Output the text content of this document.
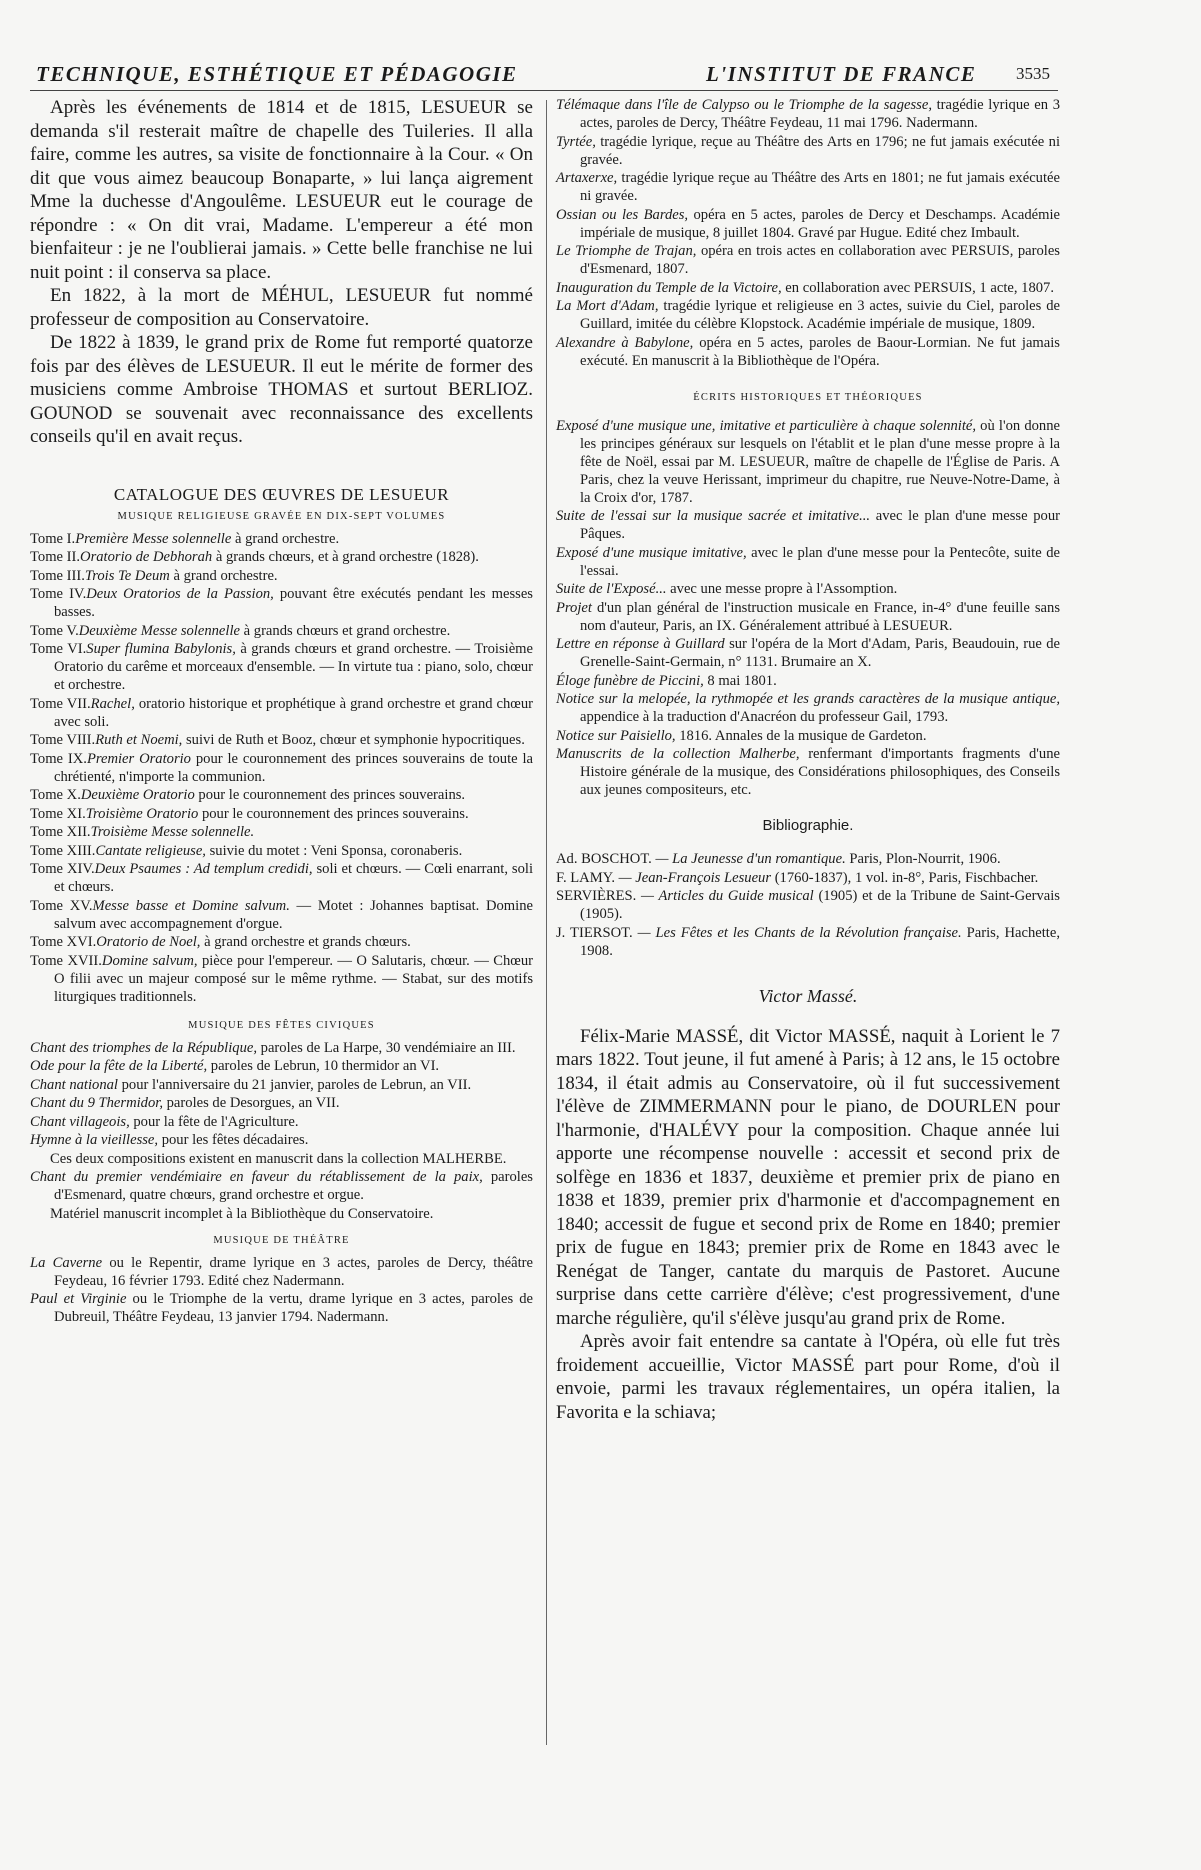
TECHNIQUE, ESTHÉTIQUE ET PÉDAGOGIE	L'INSTITUT DE FRANCE 3535

Après les événements de 1814 et de 1815, LESUEUR se demanda s'il resterait maître de chapelle des Tuileries. Il alla faire, comme les autres, sa visite de fonctionnaire à la Cour. « On dit que vous aimez beaucoup Bonaparte, » lui lança aigrement Mme la duchesse d'Angoulême. LESUEUR eut le courage de répondre : « On dit vrai, Madame. L'empereur a été mon bienfaiteur : je ne l'oublierai jamais. » Cette belle franchise ne lui nuit point : il conserva sa place.

En 1822, à la mort de MÉHUL, LESUEUR fut nommé professeur de composition au Conservatoire.

De 1822 à 1839, le grand prix de Rome fut remporté quatorze fois par des élèves de LESUEUR. Il eut le mérite de former des musiciens comme Ambroise THOMAS et surtout BERLIOZ. GOUNOD se souvenait avec reconnaissance des excellents conseils qu'il en avait reçus.

CATALOGUE DES ŒUVRES DE LESUEUR
MUSIQUE RELIGIEUSE GRAVÉE EN DIX-SEPT VOLUMES
Tome I.Première Messe solennelle à grand orchestre.
Tome II.Oratorio de Debhorah à grands chœurs, et à grand orchestre (1828).
Tome III.Trois Te Deum à grand orchestre.
Tome IV.Deux Oratorios de la Passion, pouvant être exécutés pendant les messes basses.
Tome V.Deuxième Messe solennelle à grands chœurs et grand orchestre.
Tome VI.Super flumina Babylonis, à grands chœurs et grand orchestre. — Troisième Oratorio du carême et morceaux d'ensemble. — In virtute tua : piano, solo, chœur et orchestre.
Tome VII.Rachel, oratorio historique et prophétique à grand orchestre et grand chœur avec soli.
Tome VIII.Ruth et Noemi, suivi de Ruth et Booz, chœur et symphonie hypocritiques.
Tome IX.Premier Oratorio pour le couronnement des princes souverains de toute la chrétienté, n'importe la communion.
Tome X.Deuxième Oratorio pour le couronnement des princes souverains.
Tome XI.Troisième Oratorio pour le couronnement des princes souverains.
Tome XII.Troisième Messe solennelle.
Tome XIII.Cantate religieuse, suivie du motet : Veni Sponsa, coronaberis.
Tome XIV.Deux Psaumes : Ad templum credidi, soli et chœurs. — Cœli enarrant, soli et chœurs.
Tome XV.Messe basse et Domine salvum. — Motet : Johannes baptisat. Domine salvum avec accompagnement d'orgue.
Tome XVI.Oratorio de Noel, à grand orchestre et grands chœurs.
Tome XVII.Domine salvum, pièce pour l'empereur. — O Salutaris, chœur. — Chœur O filii avec un majeur composé sur le même rythme. — Stabat, sur des motifs liturgiques traditionnels.
MUSIQUE DES FÊTES CIVIQUES
Chant des triomphes de la République, paroles de La Harpe, 30 vendémiaire an III.
Ode pour la fête de la Liberté, paroles de Lebrun, 10 thermidor an VI.
Chant national pour l'anniversaire du 21 janvier, paroles de Lebrun, an VII.
Chant du 9 Thermidor, paroles de Desorgues, an VII.
Chant villageois, pour la fête de l'Agriculture.
Hymne à la vieillesse, pour les fêtes décadaires.
Ces deux compositions existent en manuscrit dans la collection MALHERBE.
Chant du premier vendémiaire en faveur du rétablissement de la paix, paroles d'Esmenard, quatre chœurs, grand orchestre et orgue.
Matériel manuscrit incomplet à la Bibliothèque du Conservatoire.
MUSIQUE DE THÉÂTRE
La Caverne ou le Repentir, drame lyrique en 3 actes, paroles de Dercy, théâtre Feydeau, 16 février 1793. Edité chez Nadermann.
Paul et Virginie ou le Triomphe de la vertu, drame lyrique en 3 actes, paroles de Dubreuil, Théâtre Feydeau, 13 janvier 1794. Nadermann.
Télémaque dans l'île de Calypso ou le Triomphe de la sagesse, tragédie lyrique en 3 actes, paroles de Dercy, Théâtre Feydeau, 11 mai 1796. Nadermann.
Tyrtée, tragédie lyrique, reçue au Théâtre des Arts en 1796; ne fut jamais exécutée ni gravée.
Artaxerxe, tragédie lyrique reçue au Théâtre des Arts en 1801; ne fut jamais exécutée ni gravée.
Ossian ou les Bardes, opéra en 5 actes, paroles de Dercy et Deschamps. Académie impériale de musique, 8 juillet 1804. Gravé par Hugue. Edité chez Imbault.
Le Triomphe de Trajan, opéra en trois actes en collaboration avec PERSUIS, paroles d'Esmenard, 1807.
Inauguration du Temple de la Victoire, en collaboration avec PERSUIS, 1 acte, 1807.
La Mort d'Adam, tragédie lyrique et religieuse en 3 actes, suivie du Ciel, paroles de Guillard, imitée du célèbre Klopstock. Académie impériale de musique, 1809.
Alexandre à Babylone, opéra en 5 actes, paroles de Baour-Lormian. Ne fut jamais exécuté. En manuscrit à la Bibliothèque de l'Opéra.
ÉCRITS HISTORIQUES ET THÉORIQUES
Exposé d'une musique une, imitative et particulière à chaque solennité, où l'on donne les principes généraux sur lesquels on l'établit et le plan d'une messe propre à la fête de Noël, essai par M. LESUEUR, maître de chapelle de l'Église de Paris. A Paris, chez la veuve Herissant, imprimeur du chapitre, rue Neuve-Notre-Dame, à la Croix d'or, 1787.
Suite de l'essai sur la musique sacrée et imitative... avec le plan d'une messe pour Pâques.
Exposé d'une musique imitative, avec le plan d'une messe pour la Pentecôte, suite de l'essai.
Suite de l'Exposé... avec une messe propre à l'Assomption.
Projet d'un plan général de l'instruction musicale en France, in-4° d'une feuille sans nom d'auteur, Paris, an IX. Généralement attribué à LESUEUR.
Lettre en réponse à Guillard sur l'opéra de la Mort d'Adam, Paris, Beaudouin, rue de Grenelle-Saint-Germain, n° 1131. Brumaire an X.
Éloge funèbre de Piccini, 8 mai 1801.
Notice sur la melopée, la rythmopée et les grands caractères de la musique antique, appendice à la traduction d'Anacréon du professeur Gail, 1793.
Notice sur Paisiello, 1816. Annales de la musique de Gardeton.
Manuscrits de la collection Malherbe, renfermant d'importants fragments d'une Histoire générale de la musique, des Considérations philosophiques, des Conseils aux jeunes compositeurs, etc.
Bibliographie.
Ad. BOSCHOT. — La Jeunesse d'un romantique. Paris, Plon-Nourrit, 1906.
F. LAMY. — Jean-François Lesueur (1760-1837), 1 vol. in-8°, Paris, Fischbacher.
SERVIÈRES. — Articles du Guide musical (1905) et de la Tribune de Saint-Gervais (1905).
J. TIERSOT. — Les Fêtes et les Chants de la Révolution française. Paris, Hachette, 1908.
Victor Massé.

Félix-Marie MASSÉ, dit Victor MASSÉ, naquit à Lorient le 7 mars 1822. Tout jeune, il fut amené à Paris; à 12 ans, le 15 octobre 1834, il était admis au Conservatoire, où il fut successivement l'élève de ZIMMERMANN pour le piano, de DOURLEN pour l'harmonie, d'HALÉVY pour la composition. Chaque année lui apporte une récompense nouvelle : accessit et second prix de solfège en 1836 et 1837, deuxième et premier prix de piano en 1838 et 1839, premier prix d'harmonie et d'accompagnement en 1840; accessit de fugue et second prix de Rome en 1840; premier prix de fugue en 1843; premier prix de Rome en 1843 avec le Renégat de Tanger, cantate du marquis de Pastoret. Aucune surprise dans cette carrière d'élève; c'est progressivement, d'une marche régulière, qu'il s'élève jusqu'au grand prix de Rome.

Après avoir fait entendre sa cantate à l'Opéra, où elle fut très froidement accueillie, Victor MASSÉ part pour Rome, d'où il envoie, parmi les travaux réglementaires, un opéra italien, la Favorita e la schiava;
